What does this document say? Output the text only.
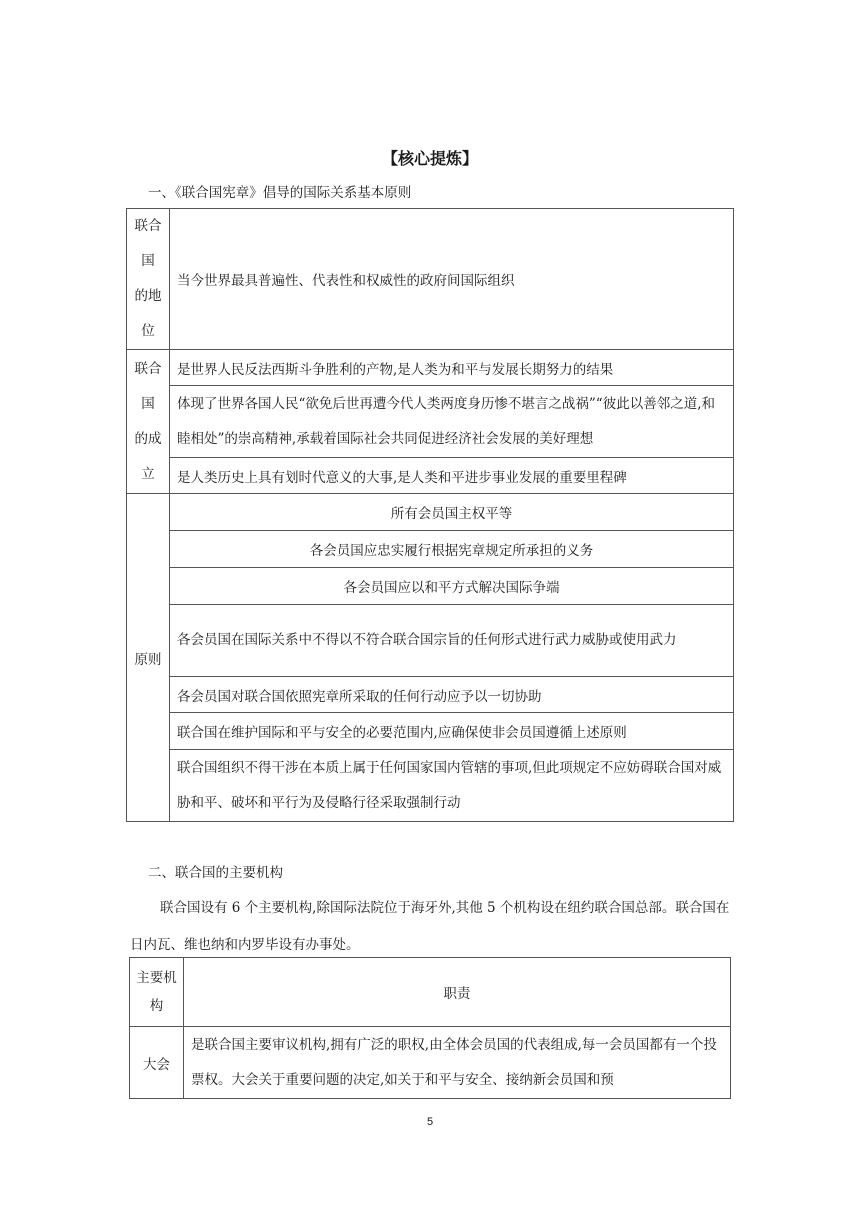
【核心提炼】
一、《联合国宪章》倡导的国际关系基本原则
联合
国
的地
位	当今世界最具普遍性、代表性和权威性的政府间国际组织
联合
国
的成
立	是世界人民反法西斯斗争胜利的产物,是人类为和平与发展长期努力的结果
	体现了世界各国人民“欲免后世再遭今代人类两度身历惨不堪言之战祸”“彼此以善邻之道,和睦相处”的崇高精神,承载着国际社会共同促进经济社会发展的美好理想
	是人类历史上具有划时代意义的大事,是人类和平进步事业发展的重要里程碑
原则	所有会员国主权平等
	各会员国应忠实履行根据宪章规定所承担的义务
	各会员国应以和平方式解决国际争端
	各会员国在国际关系中不得以不符合联合国宗旨的任何形式进行武力威胁或使用武力
	各会员国对联合国依照宪章所采取的任何行动应予以一切协助
	联合国在维护国际和平与安全的必要范围内,应确保使非会员国遵循上述原则
	联合国组织不得干涉在本质上属于任何国家国内管辖的事项,但此项规定不应妨碍联合国对威胁和平、破坏和平行为及侵略行径采取强制行动
二、联合国的主要机构
联合国设有 6 个主要机构,除国际法院位于海牙外,其他 5 个机构设在纽约联合国总部。联合国在日内瓦、维也纳和内罗毕设有办事处。
主要机构	职责
大会	是联合国主要审议机构,拥有广泛的职权,由全体会员国的代表组成,每一会员国都有一个投票权。大会关于重要问题的决定,如关于和平与安全、接纳新会员国和预
5
